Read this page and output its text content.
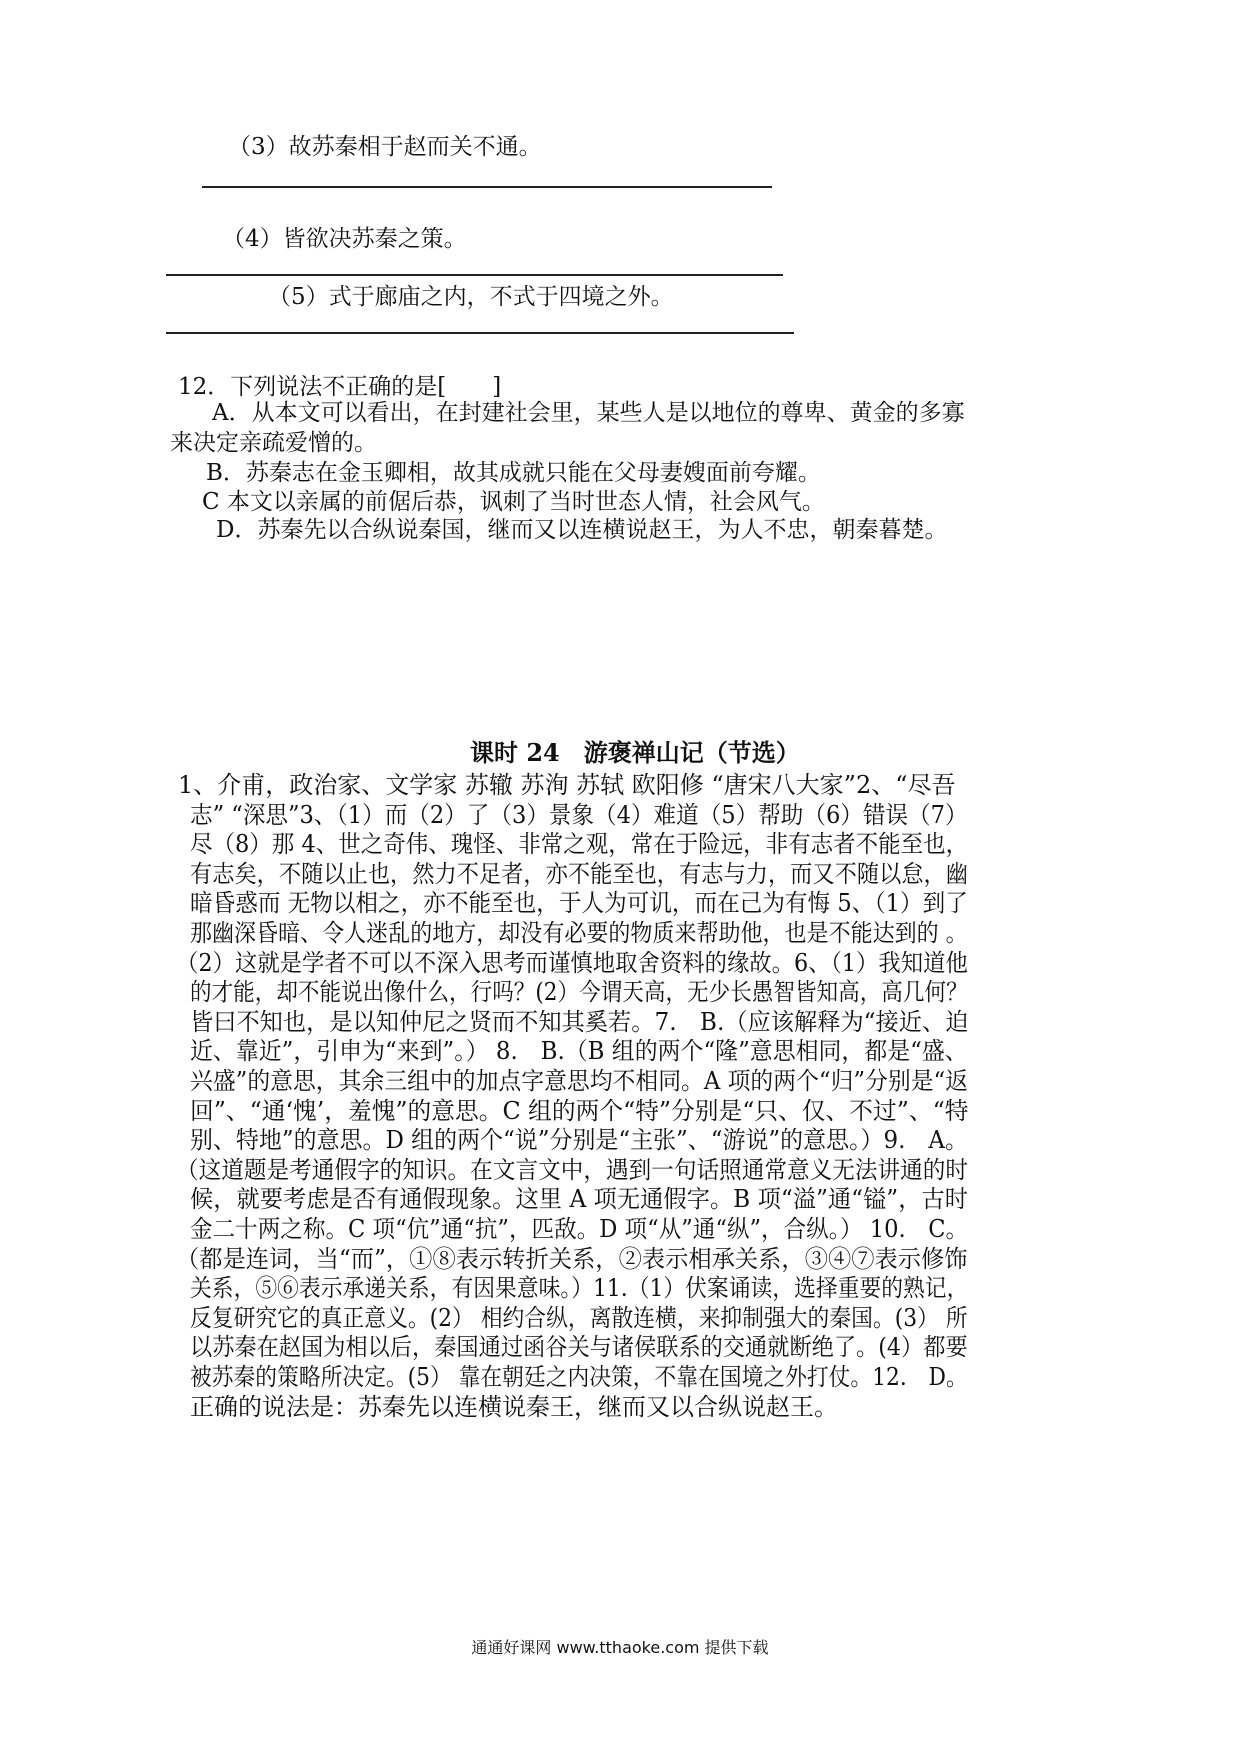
（3）故苏秦相于赵而关不通。
（4）皆欲决苏秦之策。
（5）式于廊庙之内，不式于四境之外。
12．下列说法不正确的是[　　]
A．从本文可以看出，在封建社会里，某些人是以地位的尊卑、黄金的多寡
来决定亲疏爱憎的。
B．苏秦志在金玉卿相，故其成就只能在父母妻嫂面前夸耀。
C 本文以亲属的前倨后恭，讽刺了当时世态人情，社会风气。
D．苏秦先以合纵说秦国，继而又以连横说赵王，为人不忠，朝秦暮楚。
课时 24　游褒禅山记（节选）
1、介甫，政治家、文学家 苏辙 苏洵 苏轼 欧阳修 “唐宋八大家”2、“尽吾
志” “深思”3、（1）而（2）了（3）景象（4）难道（5）帮助（6）错误（7）
尽（8）那 4、世之奇伟、瑰怪、非常之观，常在于险远，非有志者不能至也，
有志矣，不随以止也，然力不足者，亦不能至也，有志与力，而又不随以怠，幽
暗昏惑而 无物以相之，亦不能至也，于人为可讥，而在己为有悔 5、（1）到了
那幽深昏暗、令人迷乱的地方，却没有必要的物质来帮助他，也是不能达到的 。
（2）这就是学者不可以不深入思考而谨慎地取舍资料的缘故。6、（1）我知道他
的才能，却不能说出像什么，行吗？(2）今谓天高，无少长愚智皆知高，高几何？
皆曰不知也，是以知仲尼之贤而不知其奚若。7.　B.（应该解释为“接近、迫
近、靠近”，引申为“来到”。） 8.　B.（B 组的两个“隆”意思相同，都是“盛、
兴盛”的意思，其余三组中的加点字意思均不相同。A 项的两个“归”分别是“返
回”、“通‘愧’，羞愧”的意思。C 组的两个“特”分别是“只、仅、不过”、“特
别、特地”的意思。D 组的两个“说”分别是“主张”、“游说”的意思。）9.　A。
（这道题是考通假字的知识。在文言文中，遇到一句话照通常意义无法讲通的时
候，就要考虑是否有通假现象。这里 A 项无通假字。B 项“溢”通“镒”，古时
金二十两之称。C 项“伉”通“抗”，匹敌。D 项“从”通“纵”，合纵。） 10.　C。
（都是连词，当“而”，①⑧表示转折关系，②表示相承关系，③④⑦表示修饰
关系，⑤⑥表示承递关系，有因果意味。）11.（1）伏案诵读，选择重要的熟记，
反复研究它的真正意义。(2） 相约合纵，离散连横，来抑制强大的秦国。(3） 所
以苏秦在赵国为相以后，秦国通过函谷关与诸侯联系的交通就断绝了。(4）都要
被苏秦的策略所决定。(5） 靠在朝廷之内决策，不靠在国境之外打仗。12.　D。
正确的说法是：苏秦先以连横说秦王，继而又以合纵说赵王。
通通好课网 www.tthaoke.com 提供下载
